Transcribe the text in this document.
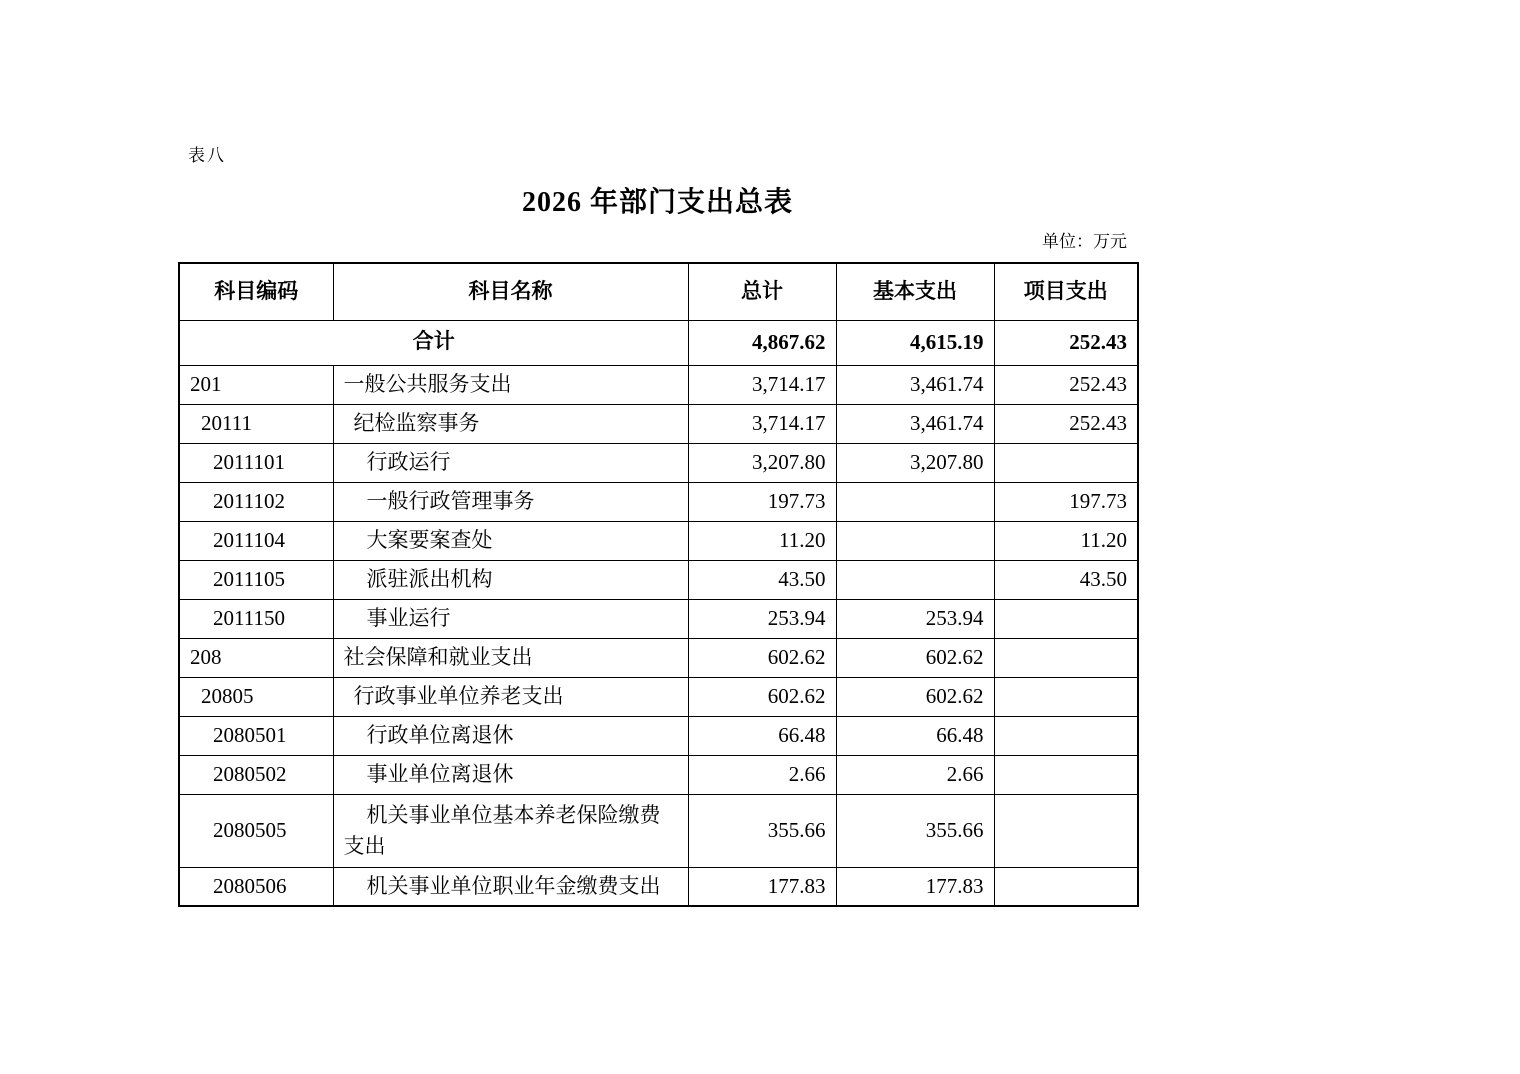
表八
2026 年部门支出总表
单位：万元
科目编码	科目名称	总计	基本支出	项目支出
合计		4,867.62	4,615.19	252.43
201	一般公共服务支出	3,714.17	3,461.74	252.43
20111	纪检监察事务	3,714.17	3,461.74	252.43
2011101	行政运行	3,207.80	3,207.80	
2011102	一般行政管理事务	197.73		197.73
2011104	大案要案查处	11.20		11.20
2011105	派驻派出机构	43.50		43.50
2011150	事业运行	253.94	253.94	
208	社会保障和就业支出	602.62	602.62	
20805	行政事业单位养老支出	602.62	602.62	
2080501	行政单位离退休	66.48	66.48	
2080502	事业单位离退休	2.66	2.66	
2080505	机关事业单位基本养老保险缴费支出	355.66	355.66	
2080506	机关事业单位职业年金缴费支出	177.83	177.83	
